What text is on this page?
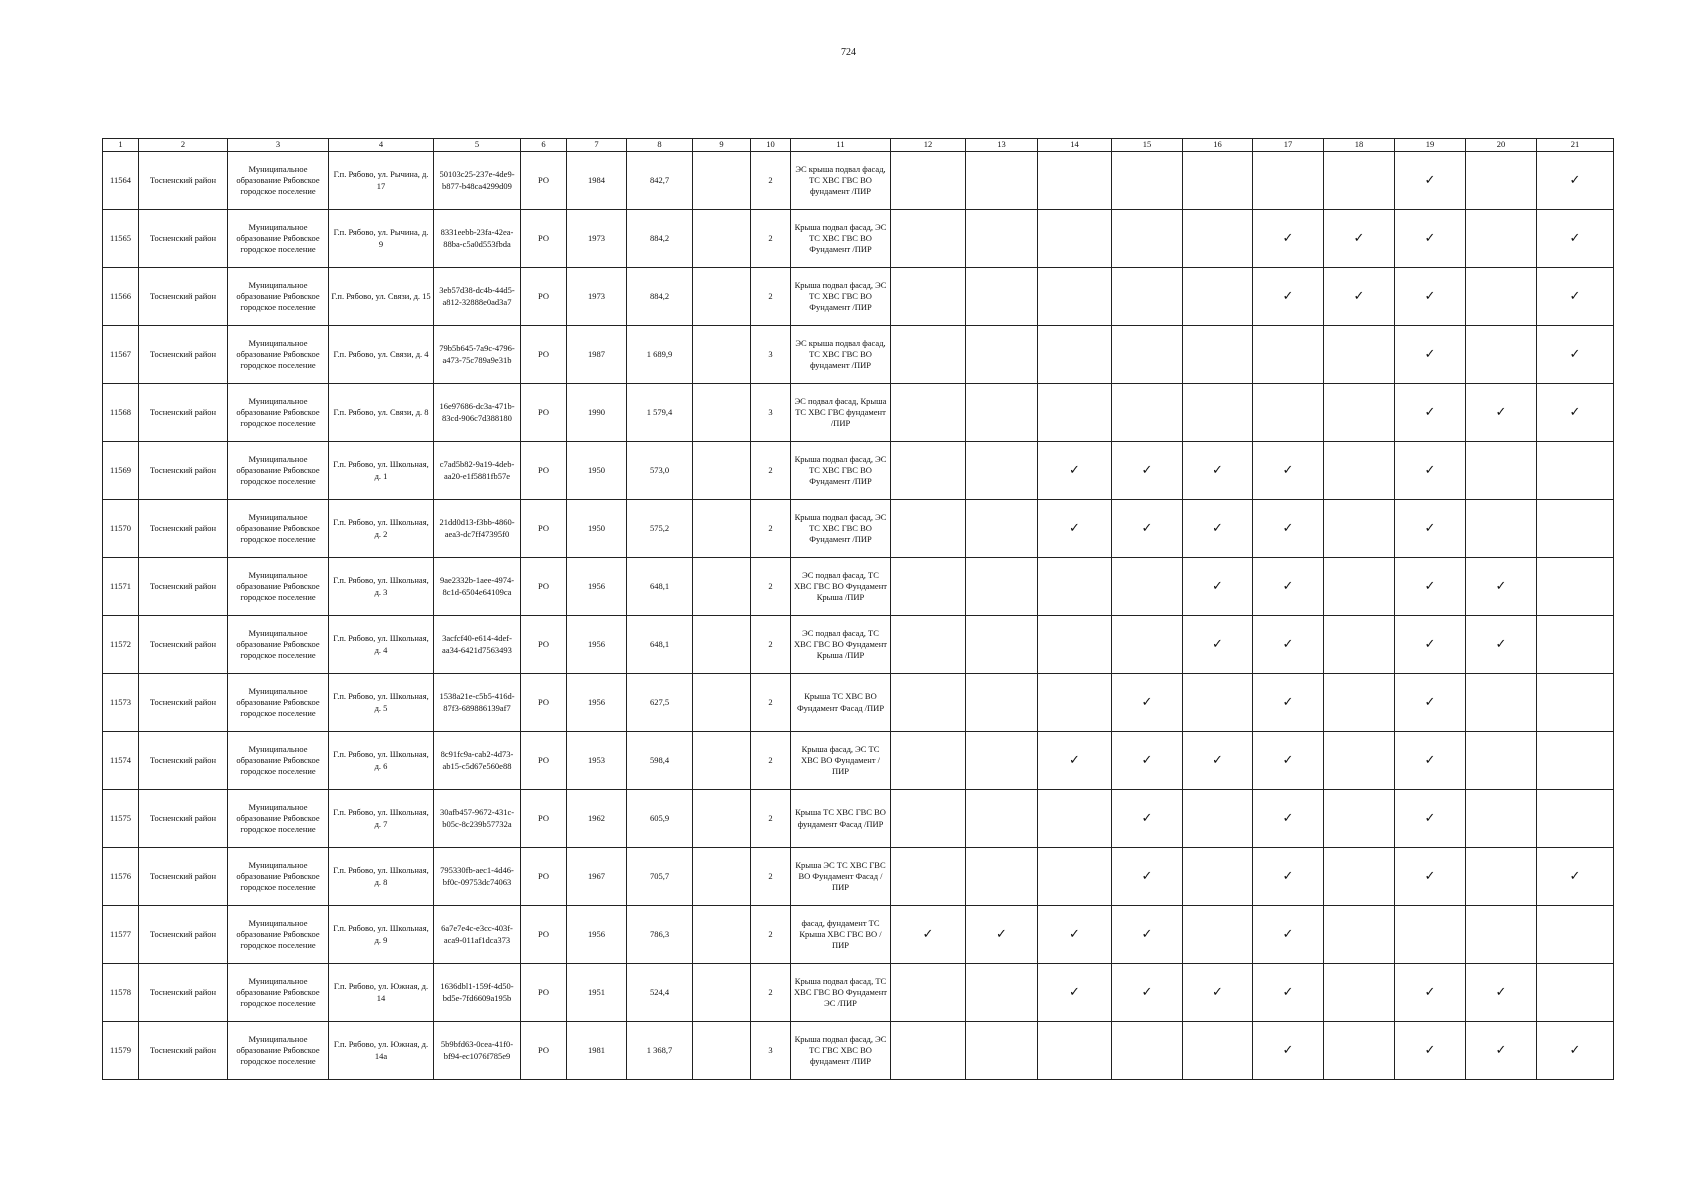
724
1	2	3	4	5	6	7	8	9	10	11	12	13	14	15	16	17	18	19	20	21
11564	Тосненский район	Муниципальное образование Рябовское городское поселение	Г.п. Рябово, ул. Рычина, д. 17	50103c25-237e-4de9-b877-b48ca4299d09	РО	1984	842,7		2	ЭС крыша подвал фасад, ТС ХВС ГВС ВО фундамент /ПИР								✓		✓
11565	Тосненский район	Муниципальное образование Рябовское городское поселение	Г.п. Рябово, ул. Рычина, д. 9	8331eebb-23fa-42ea-88ba-c5a0d553fbda	РО	1973	884,2		2	Крыша подвал фасад, ЭС ТС ХВС ГВС ВО Фундамент /ПИР						✓	✓	✓		✓
11566	Тосненский район	Муниципальное образование Рябовское городское поселение	Г.п. Рябово, ул. Связи, д. 15	3eb57d38-dc4b-44d5-a812-32888e0ad3a7	РО	1973	884,2		2	Крыша подвал фасад, ЭС ТС ХВС ГВС ВО Фундамент /ПИР						✓	✓	✓		✓
11567	Тосненский район	Муниципальное образование Рябовское городское поселение	Г.п. Рябово, ул. Связи, д. 4	79b5b645-7a9c-4796-a473-75c789a9e31b	РО	1987	1 689,9		3	ЭС крыша подвал фасад, ТС ХВС ГВС ВО фундамент /ПИР								✓		✓
11568	Тосненский район	Муниципальное образование Рябовское городское поселение	Г.п. Рябово, ул. Связи, д. 8	16e97686-dc3a-471b-83cd-906c7d388180	РО	1990	1 579,4		3	ЭС подвал фасад, Крыша ТС ХВС ГВС фундамент /ПИР								✓	✓	✓
11569	Тосненский район	Муниципальное образование Рябовское городское поселение	Г.п. Рябово, ул. Школьная, д. 1	c7ad5b82-9a19-4deb-aa20-e1f5881fb57e	РО	1950	573,0		2	Крыша подвал фасад, ЭС ТС ХВС ГВС ВО Фундамент /ПИР			✓	✓	✓	✓		✓		
11570	Тосненский район	Муниципальное образование Рябовское городское поселение	Г.п. Рябово, ул. Школьная, д. 2	21dd0d13-f3bb-4860-aea3-dc7ff47395f0	РО	1950	575,2		2	Крыша подвал фасад, ЭС ТС ХВС ГВС ВО Фундамент /ПИР			✓	✓	✓	✓		✓		
11571	Тосненский район	Муниципальное образование Рябовское городское поселение	Г.п. Рябово, ул. Школьная, д. 3	9ae2332b-1aee-4974-8c1d-6504e64109ca	РО	1956	648,1		2	ЭС подвал фасад, ТС ХВС ГВС ВО Фундамент Крыша /ПИР					✓	✓		✓	✓	
11572	Тосненский район	Муниципальное образование Рябовское городское поселение	Г.п. Рябово, ул. Школьная, д. 4	3acfcf40-e614-4def-aa34-6421d7563493	РО	1956	648,1		2	ЭС подвал фасад, ТС ХВС ГВС ВО Фундамент Крыша /ПИР					✓	✓		✓	✓	
11573	Тосненский район	Муниципальное образование Рябовское городское поселение	Г.п. Рябово, ул. Школьная, д. 5	1538a21e-c5b5-416d-87f3-689886139af7	РО	1956	627,5		2	Крыша ТС ХВС ВО Фундамент Фасад /ПИР				✓		✓		✓		
11574	Тосненский район	Муниципальное образование Рябовское городское поселение	Г.п. Рябово, ул. Школьная, д. 6	8c91fc9a-cab2-4d73-ab15-c5d67e560e88	РО	1953	598,4		2	Крыша фасад, ЭС ТС ХВС ВО Фундамент /ПИР			✓	✓	✓	✓		✓		
11575	Тосненский район	Муниципальное образование Рябовское городское поселение	Г.п. Рябово, ул. Школьная, д. 7	30afb457-9672-431c-b05c-8c239b57732a	РО	1962	605,9		2	Крыша ТС ХВС ГВС ВО фундамент Фасад /ПИР				✓		✓		✓		
11576	Тосненский район	Муниципальное образование Рябовское городское поселение	Г.п. Рябово, ул. Школьная, д. 8	795330fb-aec1-4d46-bf0c-09753dc74063	РО	1967	705,7		2	Крыша ЭС ТС ХВС ГВС ВО Фундамент Фасад /ПИР				✓		✓		✓		✓
11577	Тосненский район	Муниципальное образование Рябовское городское поселение	Г.п. Рябово, ул. Школьная, д. 9	6a7e7e4c-e3cc-403f-aca9-011af1dca373	РО	1956	786,3		2	фасад, фундамент ТС Крыша ХВС ГВС ВО /ПИР	✓	✓	✓	✓		✓				
11578	Тосненский район	Муниципальное образование Рябовское городское поселение	Г.п. Рябово, ул. Южная, д. 14	1636dbl1-159f-4d50-bd5e-7fd6609a195b	РО	1951	524,4		2	Крыша подвал фасад, ТС ХВС ГВС ВО Фундамент ЭС /ПИР			✓	✓	✓	✓		✓	✓	
11579	Тосненский район	Муниципальное образование Рябовское городское поселение	Г.п. Рябово, ул. Южная, д. 14а	5b9bfd63-0cea-41f0-bf94-ec1076f785e9	РО	1981	1 368,7		3	Крыша подвал фасад, ЭС ТС ГВС ХВС ВО фундамент /ПИР						✓		✓	✓	✓
